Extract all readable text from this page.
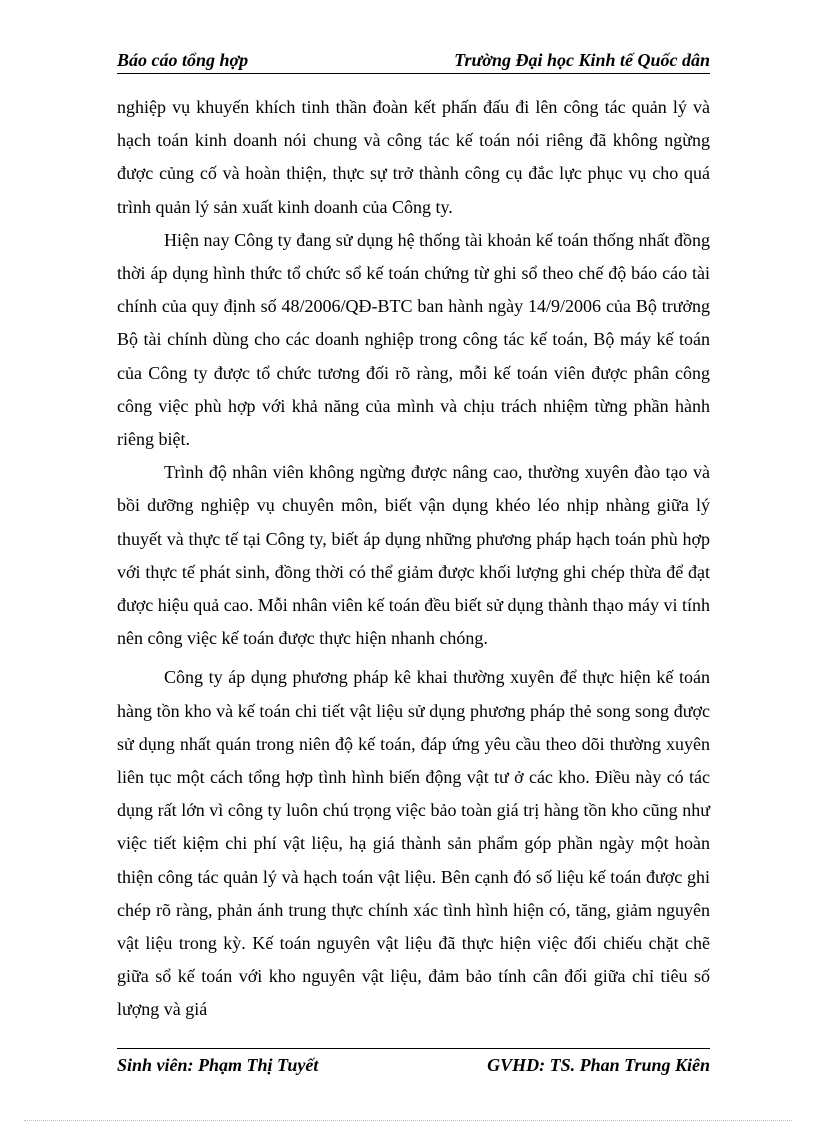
Báo cáo tổng hợp	Trường Đại học Kinh tế Quốc dân

nghiệp vụ khuyến khích tinh thần đoàn kết phấn đấu đi lên công tác quản lý và hạch toán kinh doanh nói chung và công tác kế toán nói riêng đã không ngừng được củng cố và hoàn thiện, thực sự trở thành công cụ đắc lực phục vụ cho quá trình quản lý sản xuất kinh doanh của Công ty.

Hiện nay Công ty đang sử dụng hệ thống tài khoản kế toán thống nhất đồng thời áp dụng hình thức tổ chức sổ kế toán chứng từ ghi sổ theo chế độ báo cáo tài chính của quy định số 48/2006/QĐ-BTC ban hành ngày 14/9/2006 của Bộ trưởng Bộ tài chính dùng cho các doanh nghiệp trong công tác kế toán, Bộ máy kế toán của Công ty được tổ chức tương đối rõ ràng, mỗi kế toán viên được phân công công việc phù hợp với khả năng của mình và chịu trách nhiệm từng phần hành riêng biệt.

Trình độ nhân viên không ngừng được nâng cao, thường xuyên đào tạo và bồi dưỡng nghiệp vụ chuyên môn, biết vận dụng khéo léo nhịp nhàng giữa lý thuyết và thực tế tại Công ty, biết áp dụng những phương pháp hạch toán phù hợp với thực tế phát sinh, đồng thời có thể giảm được khối lượng ghi chép thừa để đạt được hiệu quả cao. Mỗi nhân viên kế toán đều biết sử dụng thành thạo máy vi tính nên công việc kế toán được thực hiện nhanh chóng.

Công ty áp dụng phương pháp kê khai thường xuyên để thực hiện kế toán hàng tồn kho và kế toán chi tiết vật liệu sử dụng phương pháp thẻ song song được sử dụng nhất quán trong niên độ kế toán, đáp ứng yêu cầu theo dõi thường xuyên liên tục một cách tổng hợp tình hình biến động vật tư ở các kho. Điều này có tác dụng rất lớn vì công ty luôn chú trọng việc bảo toàn giá trị hàng tồn kho cũng như việc tiết kiệm chi phí vật liệu, hạ giá thành sản phẩm góp phần ngày một hoàn thiện công tác quản lý và hạch toán vật liệu. Bên cạnh đó số liệu kế toán được ghi chép rõ ràng, phản ánh trung thực chính xác tình hình hiện có, tăng, giảm nguyên vật liệu trong kỳ. Kế toán nguyên vật liệu đã thực hiện việc đối chiếu chặt chẽ giữa sổ kế toán với kho nguyên vật liệu, đảm bảo tính cân đối giữa chỉ tiêu số lượng và giá

Sinh viên: Phạm Thị Tuyết	GVHD: TS. Phan Trung Kiên
